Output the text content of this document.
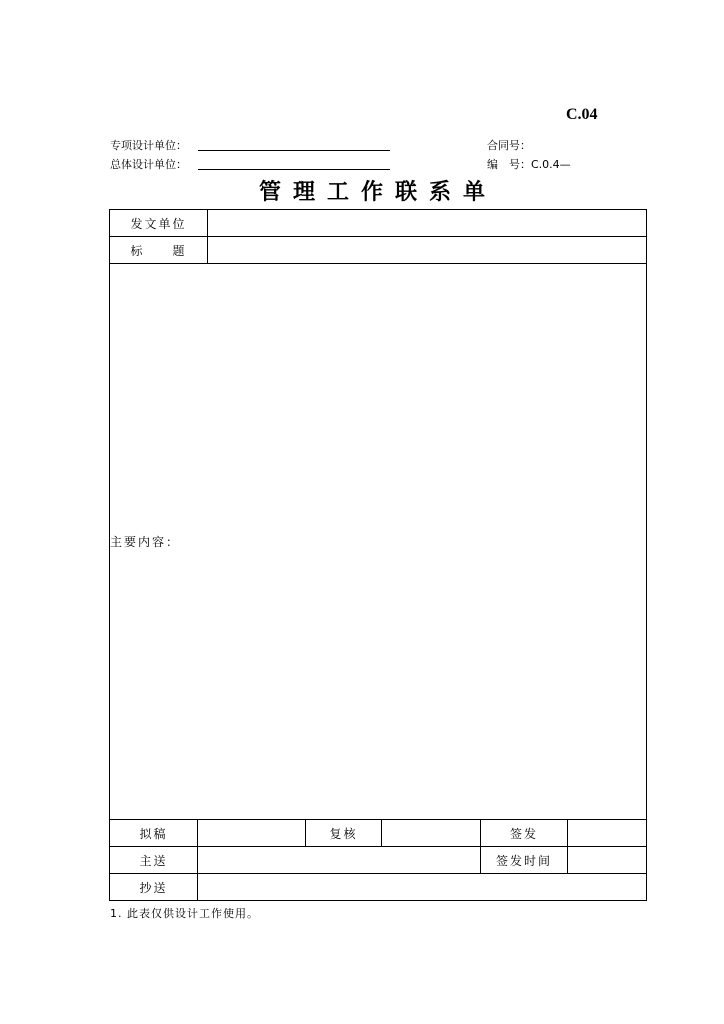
C.04
专项设计单位：
总体设计单位：
合同号：
编　号：C.0.4—
管理工作联系单
发文单位						
标　　题						
主要内容：						
拟稿			复核		签发	
主送					签发时间	
抄送						
1. 此表仅供设计工作使用。
